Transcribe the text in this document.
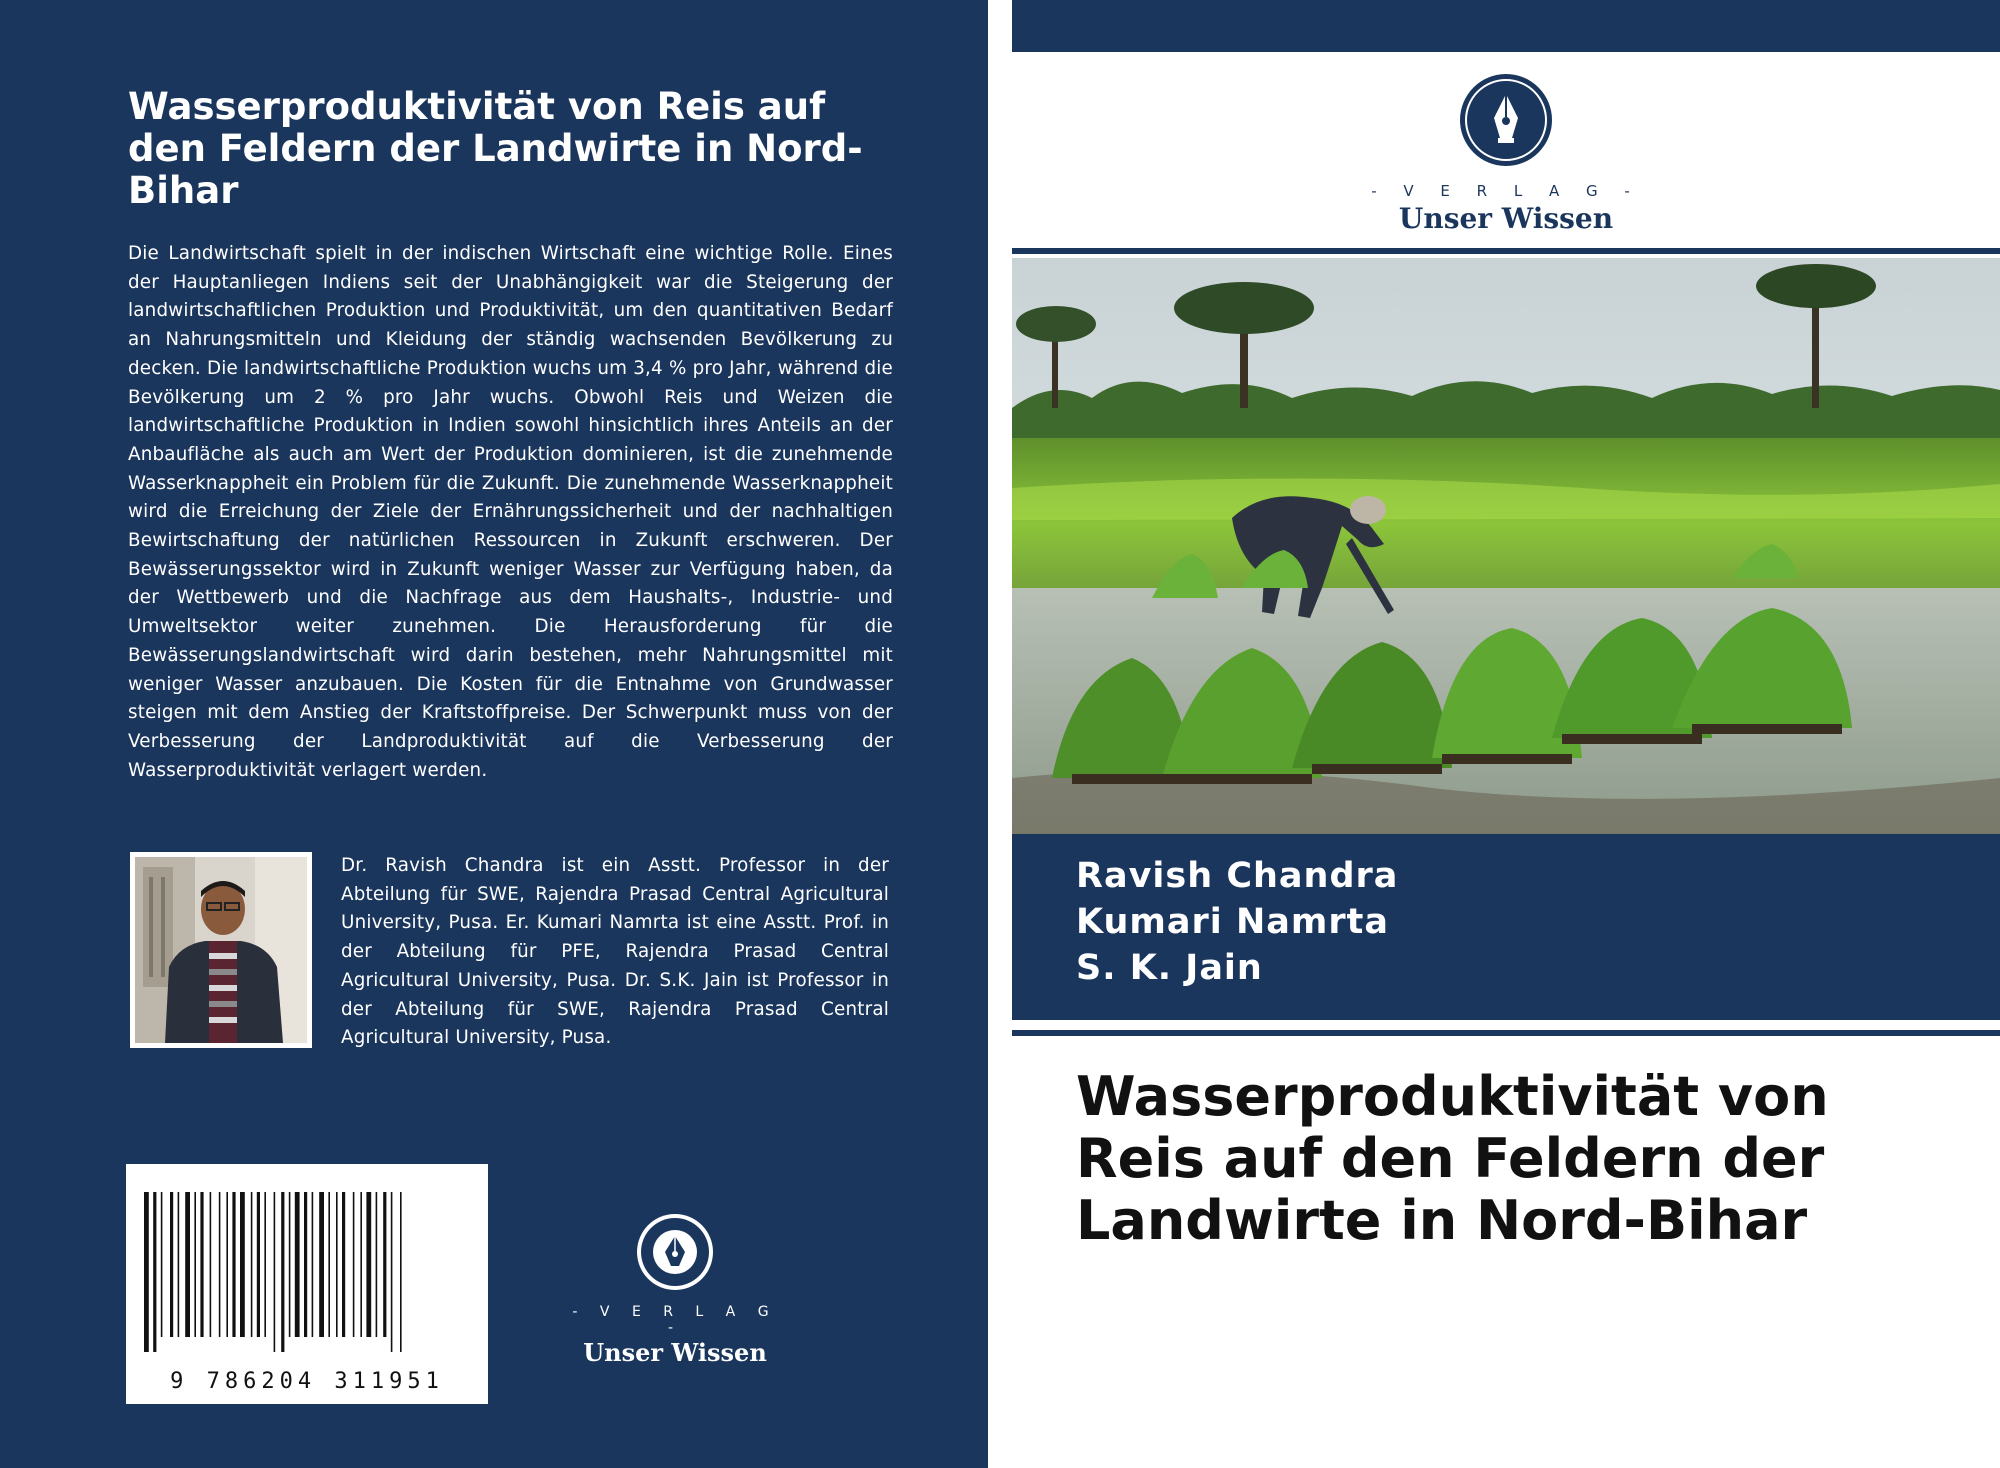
Wasserproduktivität von Reis auf den Feldern der Landwirte in Nord-Bihar
Die Landwirtschaft spielt in der indischen Wirtschaft eine wichtige Rolle. Eines der Hauptanliegen Indiens seit der Unabhängigkeit war die Steigerung der landwirtschaftlichen Produktion und Produktivität, um den quantitativen Bedarf an Nahrungsmitteln und Kleidung der ständig wachsenden Bevölkerung zu decken. Die landwirtschaftliche Produktion wuchs um 3,4 % pro Jahr, während die Bevölkerung um 2 % pro Jahr wuchs. Obwohl Reis und Weizen die landwirtschaftliche Produktion in Indien sowohl hinsichtlich ihres Anteils an der Anbaufläche als auch am Wert der Produktion dominieren, ist die zunehmende Wasserknappheit ein Problem für die Zukunft. Die zunehmende Wasserknappheit wird die Erreichung der Ziele der Ernährungssicherheit und der nachhaltigen Bewirtschaftung der natürlichen Ressourcen in Zukunft erschweren. Der Bewässerungssektor wird in Zukunft weniger Wasser zur Verfügung haben, da der Wettbewerb und die Nachfrage aus dem Haushalts-, Industrie- und Umweltsektor weiter zunehmen. Die Herausforderung für die Bewässerungslandwirtschaft wird darin bestehen, mehr Nahrungsmittel mit weniger Wasser anzubauen. Die Kosten für die Entnahme von Grundwasser steigen mit dem Anstieg der Kraftstoffpreise. Der Schwerpunkt muss von der Verbesserung der Landproduktivität auf die Verbesserung der Wasserproduktivität verlagert werden.
Dr. Ravish Chandra ist ein Asstt. Professor in der Abteilung für SWE, Rajendra Prasad Central Agricultural University, Pusa. Er. Kumari Namrta ist eine Asstt. Prof. in der Abteilung für PFE, Rajendra Prasad Central Agricultural University, Pusa. Dr. S.K. Jain ist Professor in der Abteilung für SWE, Rajendra Prasad Central Agricultural University, Pusa.
9 786204 311951
- V E R L A G -
Unser Wissen
- V E R L A G -
Unser Wissen
Ravish Chandra
Kumari Namrta
S. K. Jain
Wasserproduktivität von Reis auf den Feldern der Landwirte in Nord-Bihar
